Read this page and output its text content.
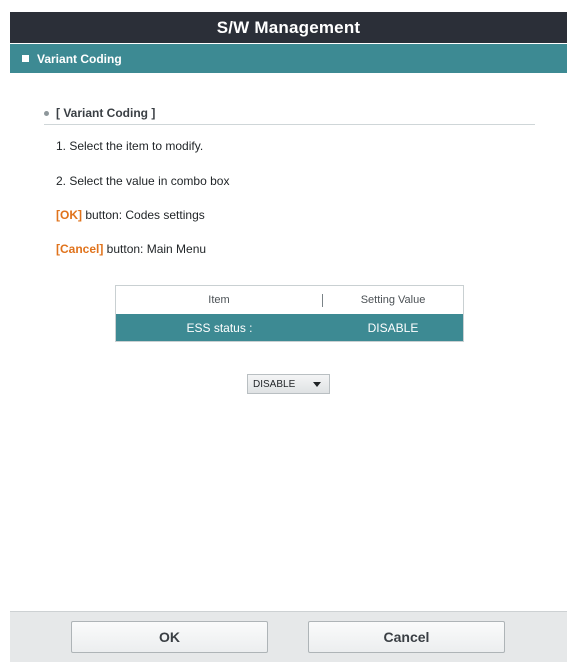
S/W Management
Variant Coding
[ Variant Coding ]
1. Select the item to modify.
2. Select the value in combo box
[OK] button: Codes settings
[Cancel] button: Main Menu
Item	Setting Value
ESS status :	DISABLE
DISABLE
OK	Cancel
